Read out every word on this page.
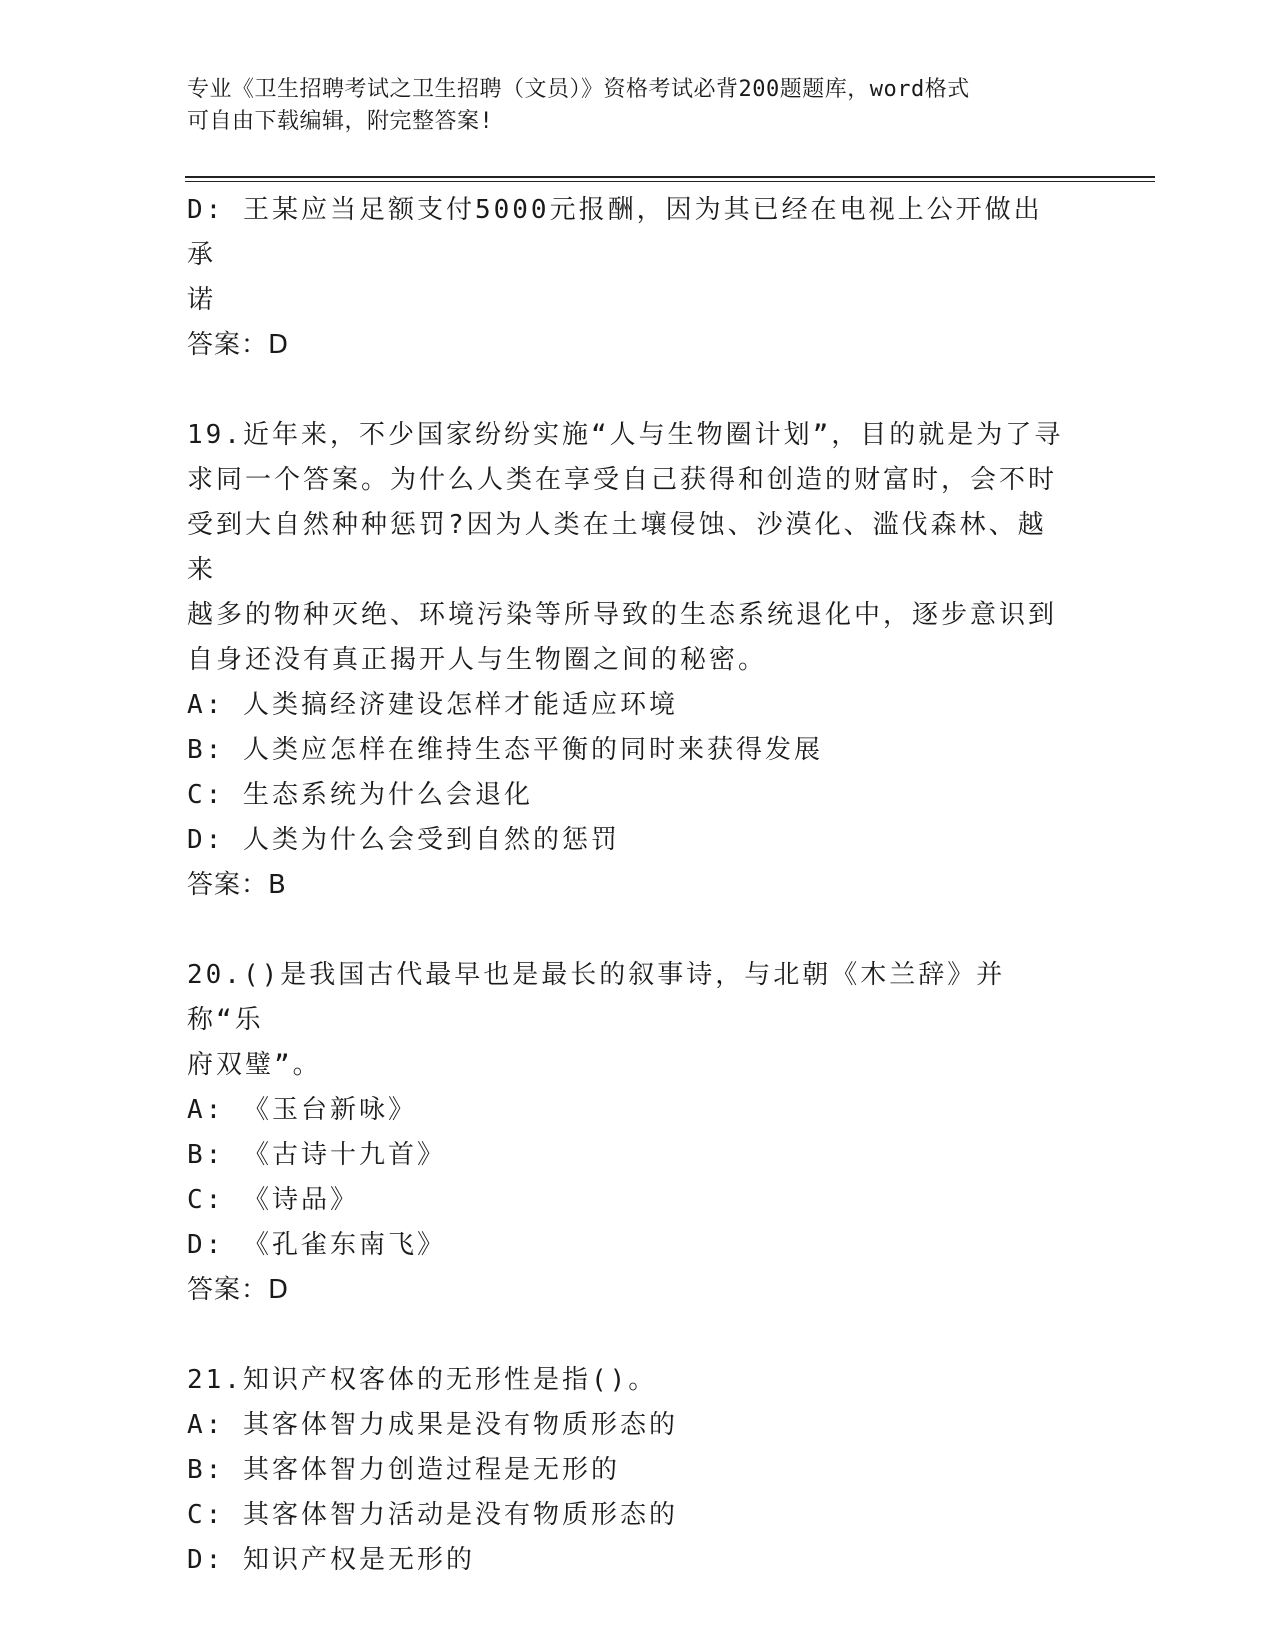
专业《卫生招聘考试之卫生招聘（文员）》资格考试必背200题题库，word格式
可自由下载编辑，附完整答案!
D: 王某应当足额支付5000元报酬，因为其已经在电视上公开做出承
诺
答案：D
19.近年来，不少国家纷纷实施“人与生物圈计划”，目的就是为了寻
求同一个答案。为什么人类在享受自己获得和创造的财富时，会不时
受到大自然种种惩罚?因为人类在土壤侵蚀、沙漠化、滥伐森林、越来
越多的物种灭绝、环境污染等所导致的生态系统退化中，逐步意识到
自身还没有真正揭开人与生物圈之间的秘密。
A: 人类搞经济建设怎样才能适应环境
B: 人类应怎样在维持生态平衡的同时来获得发展
C: 生态系统为什么会退化
D: 人类为什么会受到自然的惩罚
答案：B
20.()是我国古代最早也是最长的叙事诗，与北朝《木兰辞》并称“乐
府双璧”。
A: 《玉台新咏》
B: 《古诗十九首》
C: 《诗品》
D: 《孔雀东南飞》
答案：D
21.知识产权客体的无形性是指()。
A: 其客体智力成果是没有物质形态的
B: 其客体智力创造过程是无形的
C: 其客体智力活动是没有物质形态的
D: 知识产权是无形的
